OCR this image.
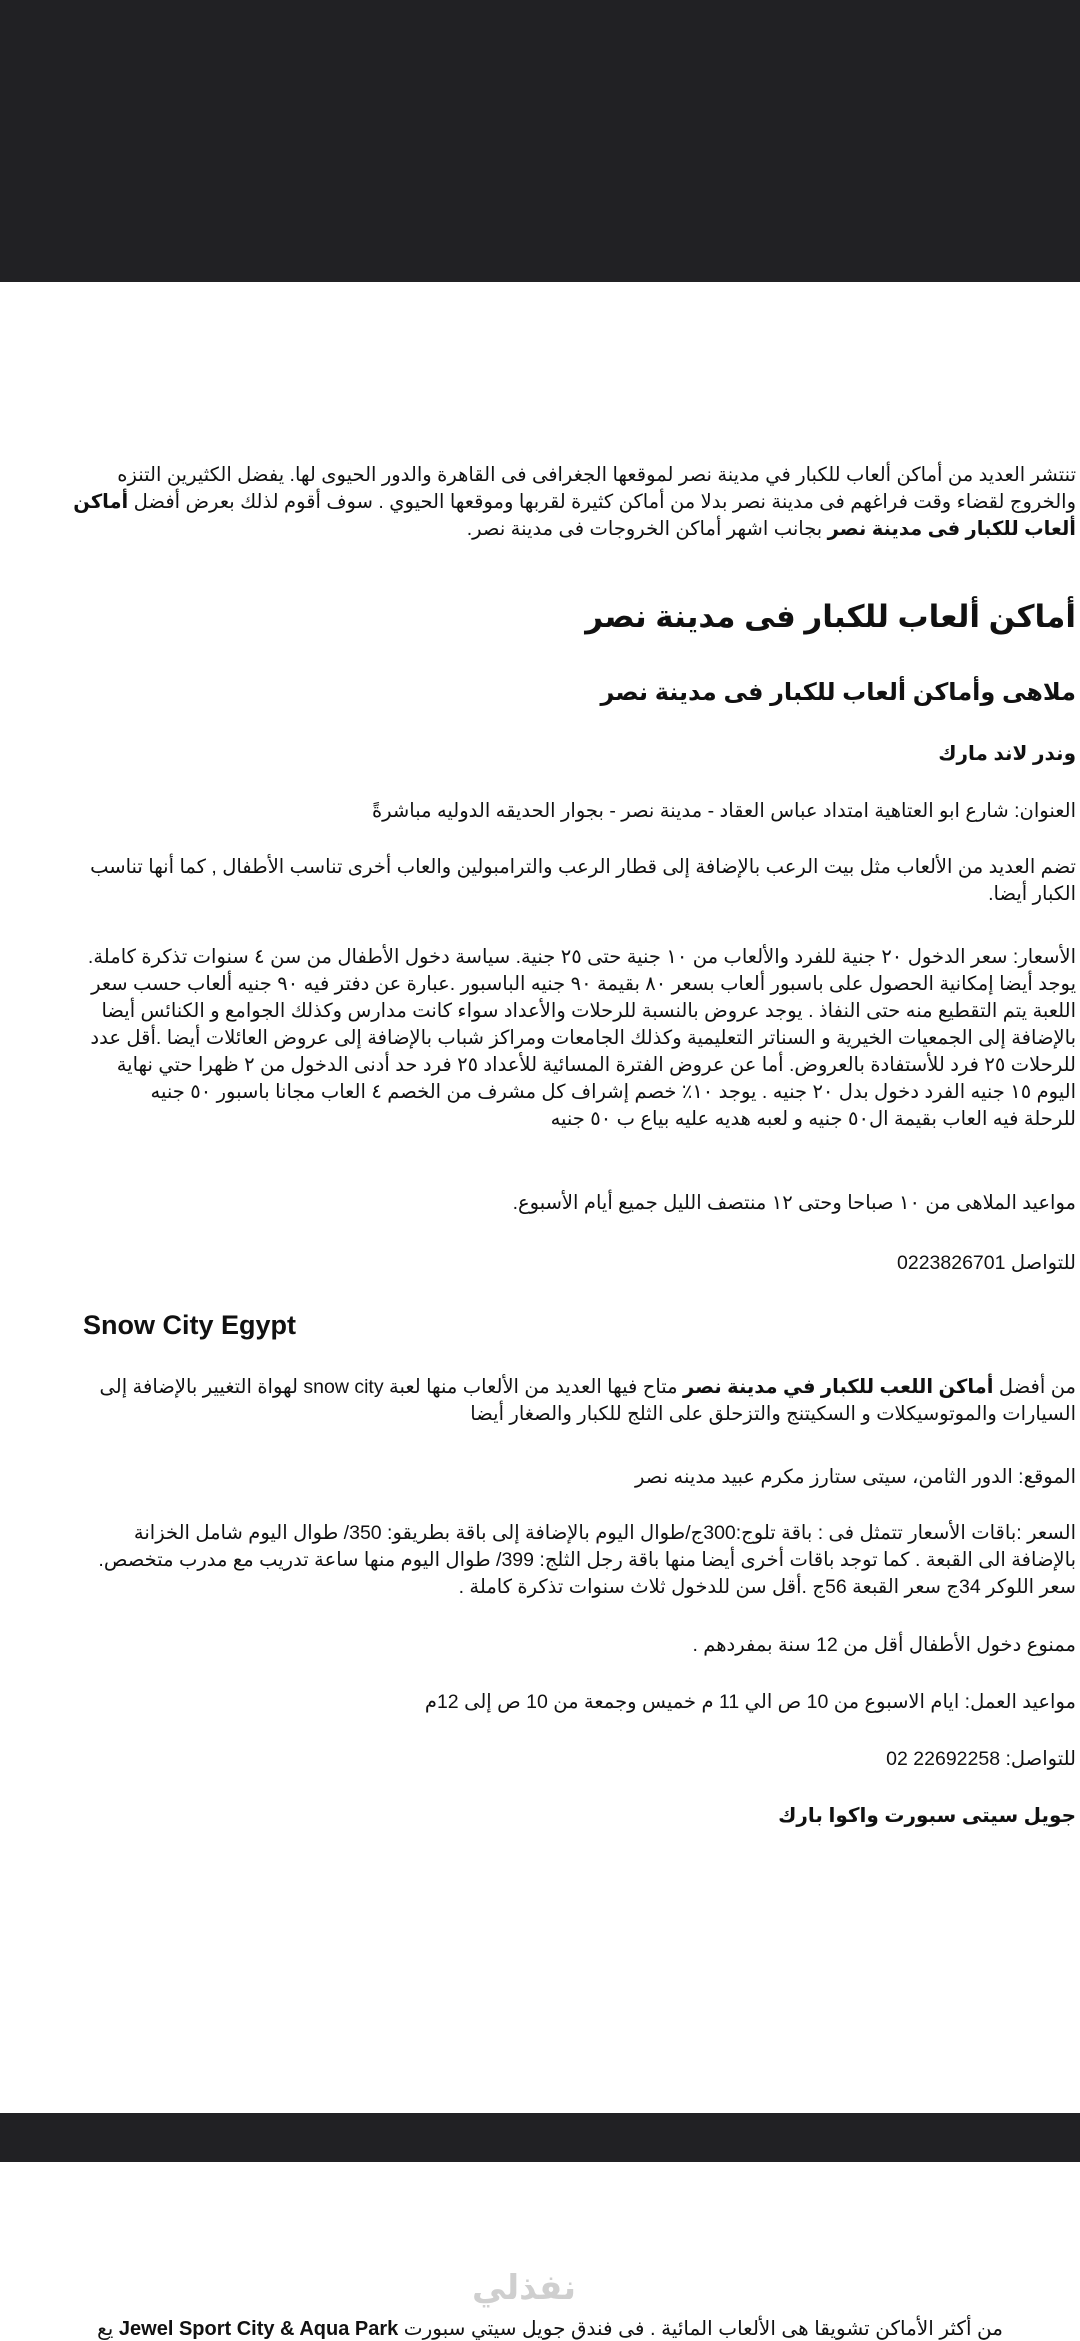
تنتشر العديد من أماكن ألعاب للكبار في مدينة نصر لموقعها الجغرافى فى القاهرة والدور الحيوى لها. يفضل الكثيرين التنزه
والخروج لقضاء وقت فراغهم فى مدينة نصر بدلا من أماكن كثيرة لقربها وموقعها الحيوي . سوف أقوم لذلك بعرض أفضل أماكن
ألعاب للكبار فى مدينة نصر بجانب اشهر أماكن الخروجات فى مدينة نصر.

أماكن ألعاب للكبار فى مدينة نصر
ملاهى وأماكن ألعاب للكبار فى مدينة نصر
وندر لاند مارك

العنوان: شارع ابو العتاهية امتداد عباس العقاد - مدينة نصر - بجوار الحديقه الدوليه مباشرةً

تضم العديد من الألعاب مثل بيت الرعب بالإضافة إلى قطار الرعب والترامبولين والعاب أخرى تناسب الأطفال , كما أنها تناسب
الكبار أيضا.

الأسعار: سعر الدخول ٢٠ جنية للفرد والألعاب من ١٠ جنية حتى ٢٥ جنية. سياسة دخول الأطفال من سن ٤ سنوات تذكرة كاملة.
يوجد أيضا إمكانية الحصول على باسبور ألعاب بسعر ٨٠ بقيمة ٩٠ جنيه الباسبور .عبارة عن دفتر فيه ٩٠ جنيه ألعاب حسب سعر
اللعبة يتم التقطيع منه حتى النفاذ . يوجد عروض بالنسبة للرحلات والأعداد سواء كانت مدارس وكذلك الجوامع و الكنائس أيضا
بالإضافة إلى الجمعيات الخيرية و السناتر التعليمية وكذلك الجامعات ومراكز شباب بالإضافة إلى عروض العائلات أيضا .أقل عدد
للرحلات ٢٥ فرد للأستفادة بالعروض. أما عن عروض الفترة المسائية للأعداد ٢٥ فرد حد أدنى الدخول من ٢ ظهرا حتي نهاية
اليوم ١٥ جنيه الفرد دخول بدل ٢٠ جنيه . يوجد ١٠٪ خصم إشراف كل مشرف من الخصم ٤ العاب مجانا باسبور ٥٠ جنيه
للرحلة فيه العاب بقيمة ال٥٠ جنيه و لعبه هديه عليه بياع ب ٥٠ جنيه

مواعيد الملاهى من ١٠ صباحا وحتى ١٢ منتصف الليل جميع أيام الأسبوع.

للتواصل 0223826701

Snow City Egypt

من أفضل أماكن اللعب للكبار في مدينة نصر متاح فيها العديد من الألعاب منها لعبة snow city لهواة التغيير بالإضافة إلى
السيارات والموتوسيكلات و السكيتنج والتزحلق على الثلج للكبار والصغار أيضا

الموقع: الدور الثامن، سيتى ستارز مكرم عبيد مدينه نصر

السعر :باقات الأسعار تتمثل فى : باقة تلوج:300ج/طوال اليوم بالإضافة إلى باقة بطريقو: 350/ طوال اليوم شامل الخزانة
بالإضافة الى القبعة . كما توجد باقات أخرى أيضا منها باقة رجل الثلج: 399/ طوال اليوم منها ساعة تدريب مع مدرب متخصص.
سعر اللوكر 34ج سعر القبعة 56ج .أقل سن للدخول ثلاث سنوات تذكرة كاملة .

ممنوع دخول الأطفال أقل من 12 سنة بمفردهم .

مواعيد العمل: ايام الاسبوع من 10 ص الي 11 م خميس وجمعة من 10 ص إلى 12م

للتواصل: 22692258 02

جويل سيتى سبورت واكوا بارك
نفذلي
من أكثر الأماكن تشويقا هى الألعاب المائية . فى فندق جويل سيتي سبورت Jewel Sport City & Aqua Park يع
